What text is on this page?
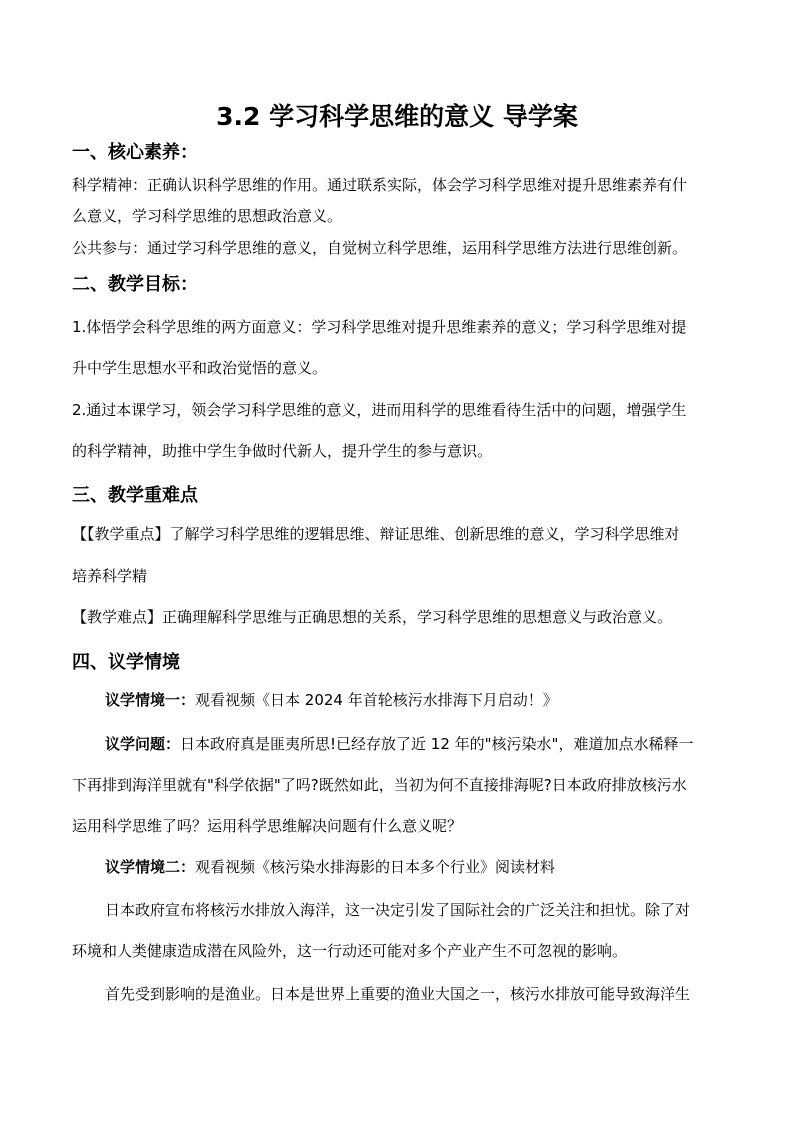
3.2 学习科学思维的意义 导学案
一、核心素养：
科学精神：正确认识科学思维的作用。通过联系实际，体会学习科学思维对提升思维素养有什
么意义，学习科学思维的思想政治意义。
公共参与：通过学习科学思维的意义，自觉树立科学思维，运用科学思维方法进行思维创新。
二、教学目标：
1.体悟学会科学思维的两方面意义：学习科学思维对提升思维素养的意义；学习科学思维对提
升中学生思想水平和政治觉悟的意义。
2.通过本课学习，领会学习科学思维的意义，进而用科学的思维看待生活中的问题，增强学生
的科学精神，助推中学生争做时代新人，提升学生的参与意识。
三、教学重难点
【【教学重点】了解学习科学思维的逻辑思维、辩证思维、创新思维的意义，学习科学思维对
培养科学精
【教学难点】正确理解科学思维与正确思想的关系，学习科学思维的思想意义与政治意义。
四、议学情境
议学情境一：观看视频《日本 2024 年首轮核污水排海下月启动！》
议学问题：日本政府真是匪夷所思!已经存放了近 12 年的"核污染水"，难道加点水稀释一
下再排到海洋里就有"科学依据"了吗?既然如此，当初为何不直接排海呢?日本政府排放核污水
运用科学思维了吗？运用科学思维解决问题有什么意义呢？
议学情境二：观看视频《核污染水排海影的日本多个行业》阅读材料
日本政府宣布将核污水排放入海洋，这一决定引发了国际社会的广泛关注和担忧。除了对
环境和人类健康造成潜在风险外，这一行动还可能对多个产业产生不可忽视的影响。
首先受到影响的是渔业。日本是世界上重要的渔业大国之一，核污水排放可能导致海洋生
